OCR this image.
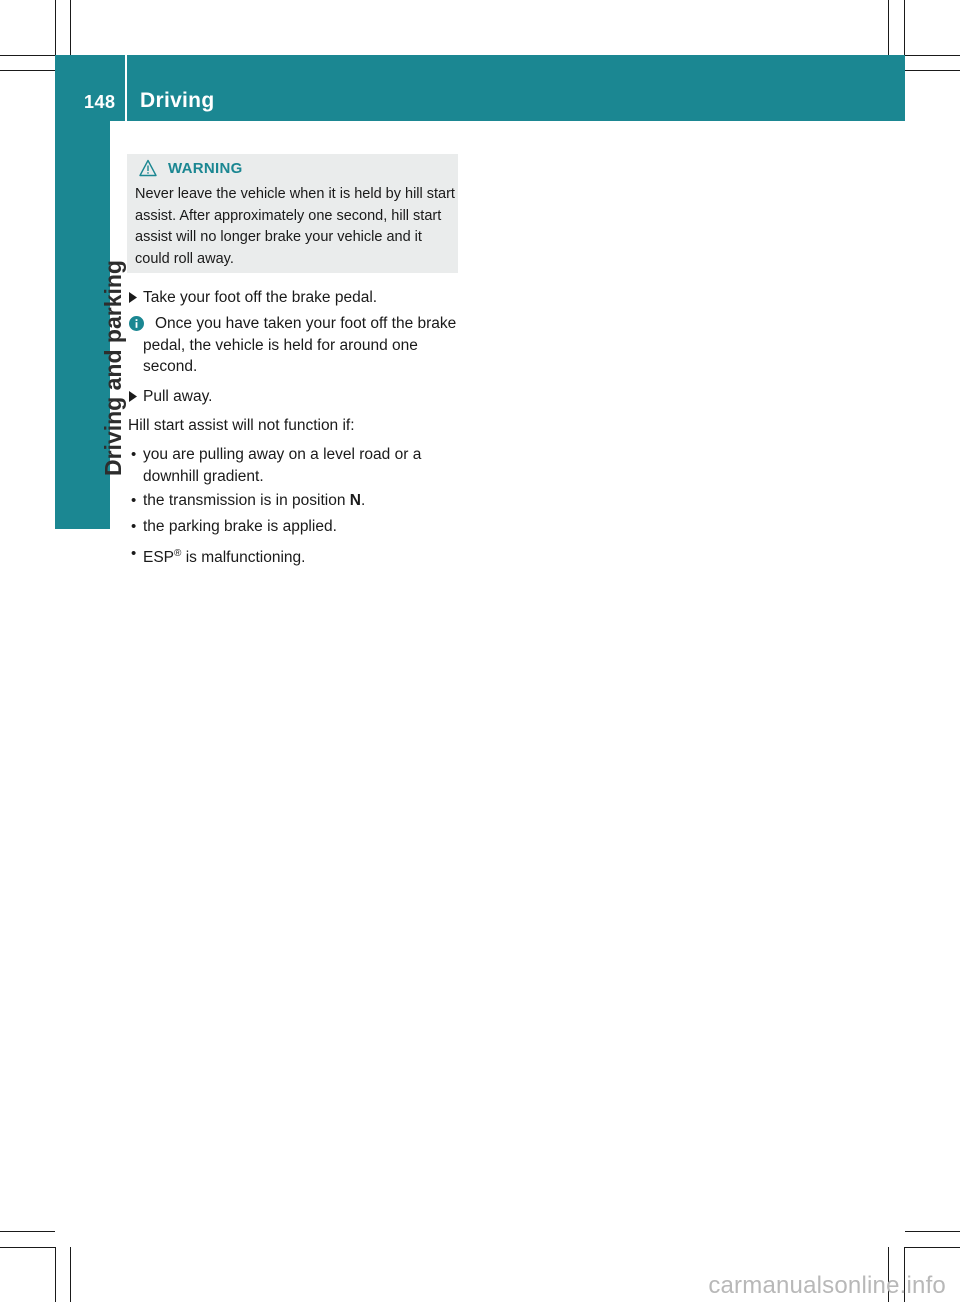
148 Driving
Driving and parking
WARNING
Never leave the vehicle when it is held by hill start assist. After approximately one second, hill start assist will no longer brake your vehicle and it could roll away.
Take your foot off the brake pedal.
Once you have taken your foot off the brake pedal, the vehicle is held for around one second.
Pull away.
Hill start assist will not function if:
• you are pulling away on a level road or a downhill gradient.
• the transmission is in position N.
• the parking brake is applied.
• ESP® is malfunctioning.
carmanualsonline.info
